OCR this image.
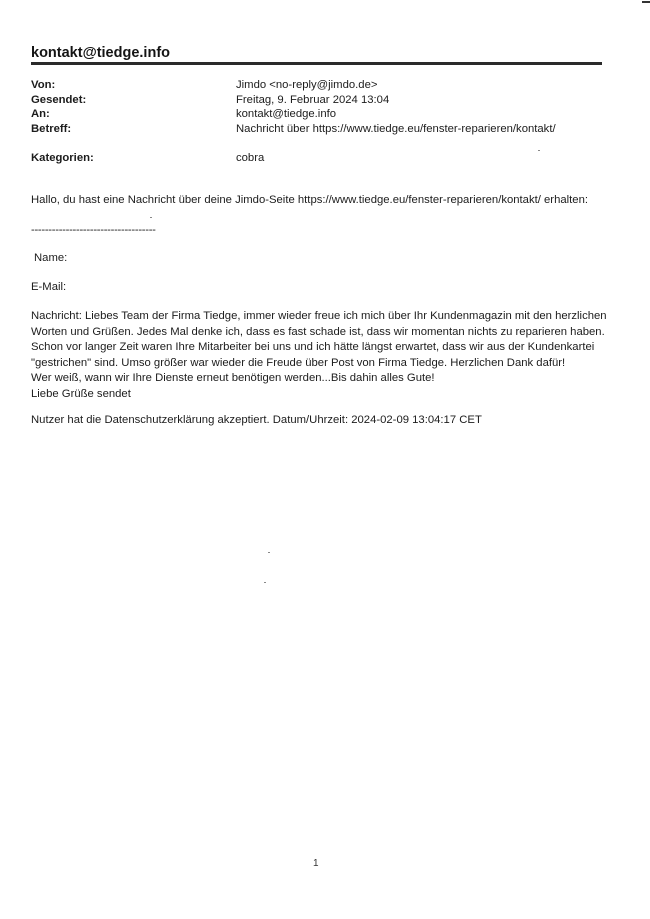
kontakt@tiedge.info
Von:	Jimdo <no-reply@jimdo.de>
Gesendet:	Freitag, 9. Februar 2024 13:04
An:	kontakt@tiedge.info
Betreff:	Nachricht über https://www.tiedge.eu/fenster-reparieren/kontakt/
Kategorien:	cobra
Hallo, du hast eine Nachricht über deine Jimdo-Seite https://www.tiedge.eu/fenster-reparieren/kontakt/ erhalten:
------------------------------------
Name:
E-Mail:
Nachricht: Liebes Team der Firma Tiedge, immer wieder freue ich mich über Ihr Kundenmagazin mit den herzlichen
Worten und Grüßen. Jedes Mal denke ich, dass es fast schade ist, dass wir momentan nichts zu reparieren haben.
Schon vor langer Zeit waren Ihre Mitarbeiter bei uns und ich hätte längst erwartet, dass wir aus der Kundenkartei
"gestrichen" sind. Umso größer war wieder die Freude über Post von Firma Tiedge. Herzlichen Dank dafür!
Wer weiß, wann wir Ihre Dienste erneut benötigen werden...Bis dahin alles Gute!
Liebe Grüße sendet
Nutzer hat die Datenschutzerklärung akzeptiert. Datum/Uhrzeit: 2024-02-09 13:04:17 CET
1
